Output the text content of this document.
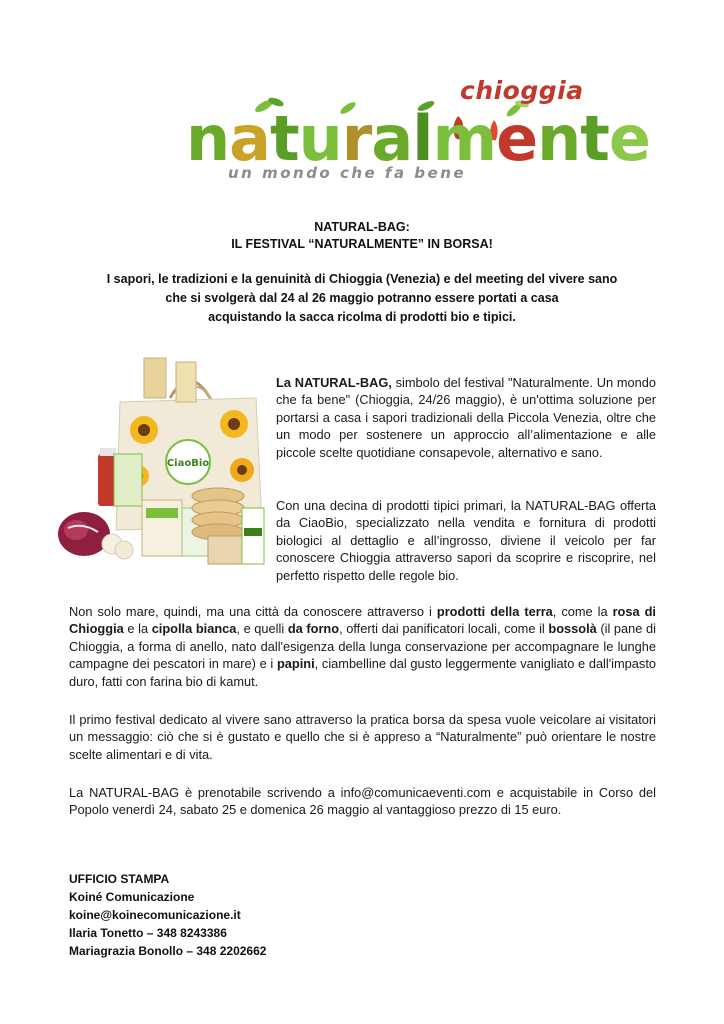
naturalmente
chioggia
un mondo che fa bene
NATURAL-BAG:
IL FESTIVAL “NATURALMENTE” IN BORSA!
I sapori, le tradizioni e la genuinità di Chioggia (Venezia) e del meeting del vivere sano
che si svolgerà dal 24 al 26 maggio potranno essere portati a casa
acquistando la sacca ricolma di prodotti bio e tipici.
CiaoBio
La NATURAL-BAG, simbolo del festival "Naturalmente. Un mondo che fa bene" (Chioggia, 24/26 maggio), è un'ottima soluzione per portarsi a casa i sapori tradizionali della Piccola Venezia, oltre che un modo per sostenere un approccio all’alimentazione e alle piccole scelte quotidiane consapevole, alternativo e sano.
Con una decina di prodotti tipici primari, la NATURAL-BAG offerta da CiaoBio, specializzato nella vendita e fornitura di prodotti biologici al dettaglio e all’ingrosso, diviene il veicolo per far conoscere Chioggia attraverso sapori da scoprire e riscoprire, nel perfetto rispetto delle regole bio.
Non solo mare, quindi, ma una città da conoscere attraverso i prodotti della terra, come la rosa di Chioggia e la cipolla bianca, e quelli da forno, offerti dai panificatori locali, come il bossolà (il pane di Chioggia, a forma di anello, nato dall'esigenza della lunga conservazione per accompagnare le lunghe campagne dei pescatori in mare) e i papini, ciambelline dal gusto leggermente vanigliato e dall'impasto duro, fatti con farina bio di kamut.
Il primo festival dedicato al vivere sano attraverso la pratica borsa da spesa vuole veicolare ai visitatori un messaggio: ciò che si è gustato e quello che si è appreso a “Naturalmente” può orientare le nostre scelte alimentari e di vita.
La NATURAL-BAG è prenotabile scrivendo a info@comunicaeventi.com e acquistabile in Corso del Popolo venerdì 24, sabato 25 e domenica 26 maggio al vantaggioso prezzo di 15 euro.
UFFICIO STAMPA
Koiné Comunicazione
koine@koinecomunicazione.it
Ilaria Tonetto – 348 8243386
Mariagrazia Bonollo – 348 2202662
